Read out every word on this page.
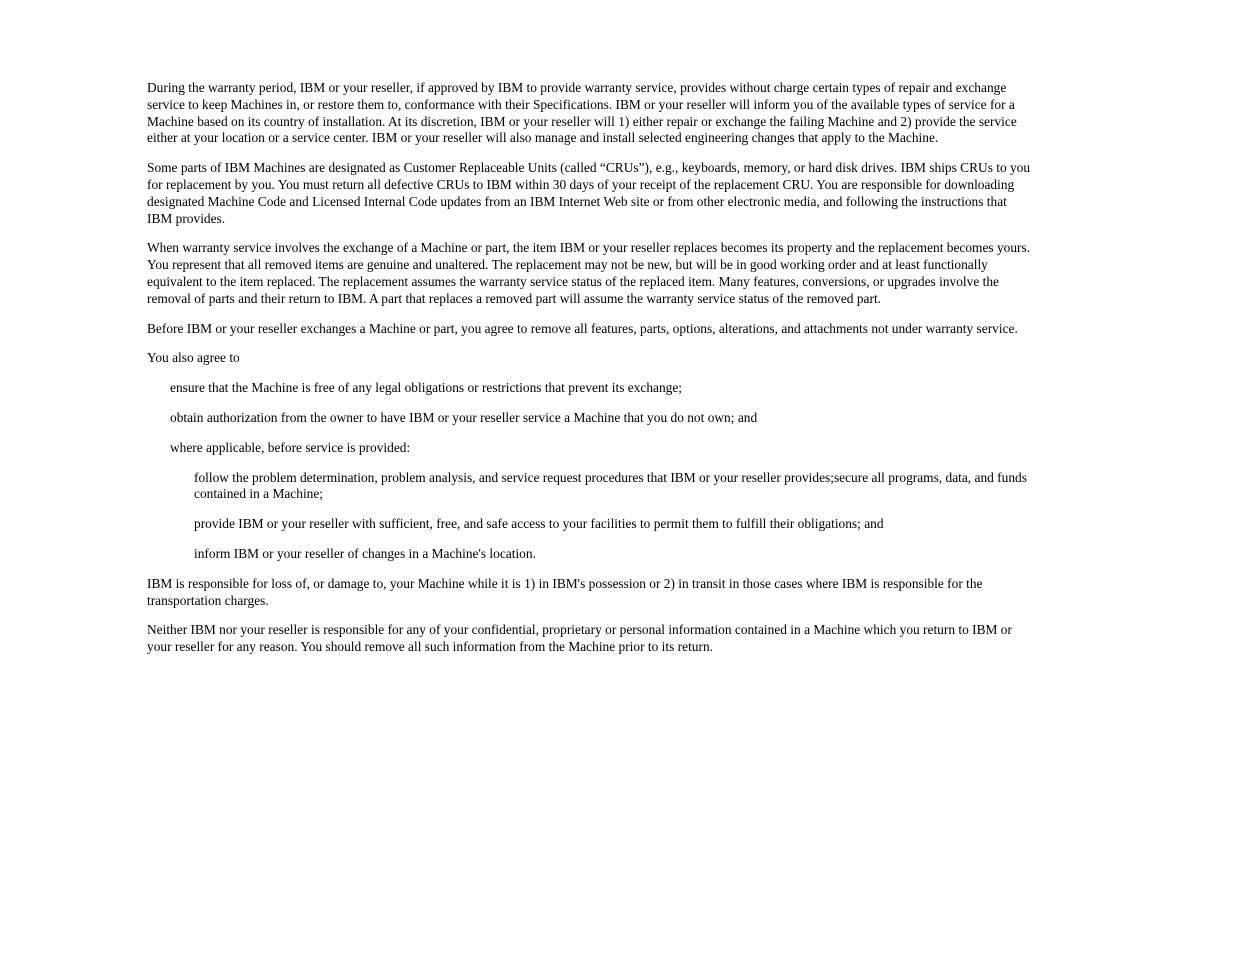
During the warranty period, IBM or your reseller, if approved by IBM to provide warranty service, provides without charge certain types of repair and exchange service to keep Machines in, or restore them to, conformance with their Specifications. IBM or your reseller will inform you of the available types of service for a Machine based on its country of installation. At its discretion, IBM or your reseller will 1) either repair or exchange the failing Machine and 2) provide the service either at your location or a service center. IBM or your reseller will also manage and install selected engineering changes that apply to the Machine.

Some parts of IBM Machines are designated as Customer Replaceable Units (called “CRUs”), e.g., keyboards, memory, or hard disk drives. IBM ships CRUs to you for replacement by you. You must return all defective CRUs to IBM within 30 days of your receipt of the replacement CRU. You are responsible for downloading designated Machine Code and Licensed Internal Code updates from an IBM Internet Web site or from other electronic media, and following the instructions that IBM provides.

When warranty service involves the exchange of a Machine or part, the item IBM or your reseller replaces becomes its property and the replacement becomes yours. You represent that all removed items are genuine and unaltered. The replacement may not be new, but will be in good working order and at least functionally equivalent to the item replaced. The replacement assumes the warranty service status of the replaced item. Many features, conversions, or upgrades involve the removal of parts and their return to IBM. A part that replaces a removed part will assume the warranty service status of the removed part.

Before IBM or your reseller exchanges a Machine or part, you agree to remove all features, parts, options, alterations, and attachments not under warranty service.

You also agree to

ensure that the Machine is free of any legal obligations or restrictions that prevent its exchange;

obtain authorization from the owner to have IBM or your reseller service a Machine that you do not own; and

where applicable, before service is provided:

follow the problem determination, problem analysis, and service request procedures that IBM or your reseller provides;secure all programs, data, and funds contained in a Machine;

provide IBM or your reseller with sufficient, free, and safe access to your facilities to permit them to fulfill their obligations; and

inform IBM or your reseller of changes in a Machine's location.

IBM is responsible for loss of, or damage to, your Machine while it is 1) in IBM's possession or 2) in transit in those cases where IBM is responsible for the transportation charges.

Neither IBM nor your reseller is responsible for any of your confidential, proprietary or personal information contained in a Machine which you return to IBM or your reseller for any reason. You should remove all such information from the Machine prior to its return.
